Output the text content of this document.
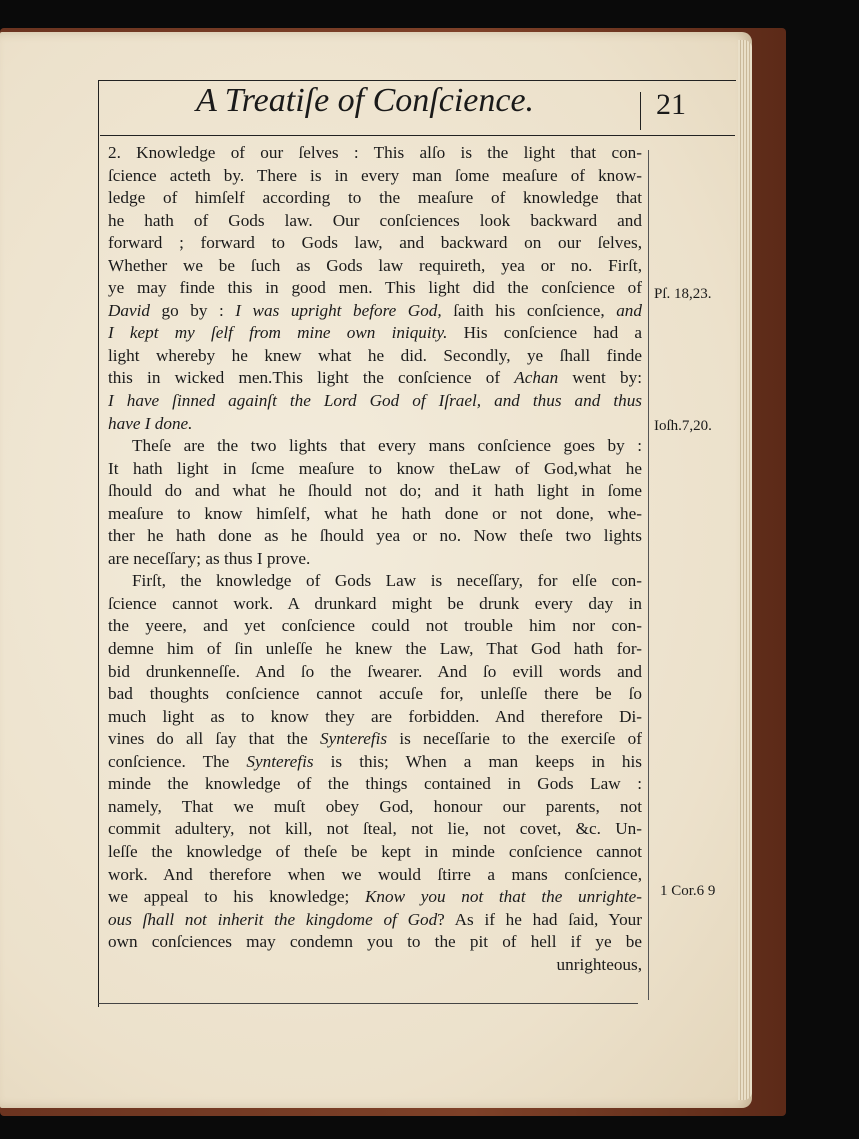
A Treatiſe of Conſcience.	21
2. Knowledge of our ſelves : This alſo is the light that con-
ſcience acteth by. There is in every man ſome meaſure of know-
ledge of himſelf according to the meaſure of knowledge that
he hath of Gods law. Our conſciences look backward and
forward ; forward to Gods law, and backward on our ſelves,
Whether we be ſuch as Gods law requireth, yea or no. Firſt,
ye may finde this in good men. This light did the conſcience of
David go by : I was upright before God, ſaith his conſcience, and
I kept my ſelf from mine own iniquity. His conſcience had a
light whereby he knew what he did. Secondly, ye ſhall finde
this in wicked men.This light the conſcience of Achan went by:
I have ſinned againſt the Lord God of Iſrael, and thus and thus
have I done.
Theſe are the two lights that every mans conſcience goes by :
It hath light in ſcme meaſure to know theLaw of God,what he
ſhould do and what he ſhould not do; and it hath light in ſome
meaſure to know himſelf, what he hath done or not done, whe-
ther he hath done as he ſhould yea or no. Now theſe two lights
are neceſſary; as thus I prove.
Firſt, the knowledge of Gods Law is neceſſary, for elſe con-
ſcience cannot work. A drunkard might be drunk every day in
the yeere, and yet conſcience could not trouble him nor con-
demne him of ſin unleſſe he knew the Law, That God hath for-
bid drunkenneſſe. And ſo the ſwearer. And ſo evill words and
bad thoughts conſcience cannot accuſe for, unleſſe there be ſo
much light as to know they are forbidden. And therefore Di-
vines do all ſay that the Synterefis is neceſſarie to the exerciſe of
conſcience. The Synterefis is this; When a man keeps in his
minde the knowledge of the things contained in Gods Law :
namely, That we muſt obey God, honour our parents, not
commit adultery, not kill, not ſteal, not lie, not covet, &c. Un-
leſſe the knowledge of theſe be kept in minde conſcience cannot
work. And therefore when we would ſtirre a mans conſcience,
we appeal to his knowledge; Know you not that the unrighte-
ous ſhall not inherit the kingdome of God? As if he had ſaid, Your
own conſciences may condemn you to the pit of hell if ye be
unrighteous,
Pſ. 18,23.
Ioſh.7,20.
1 Cor.6 9
